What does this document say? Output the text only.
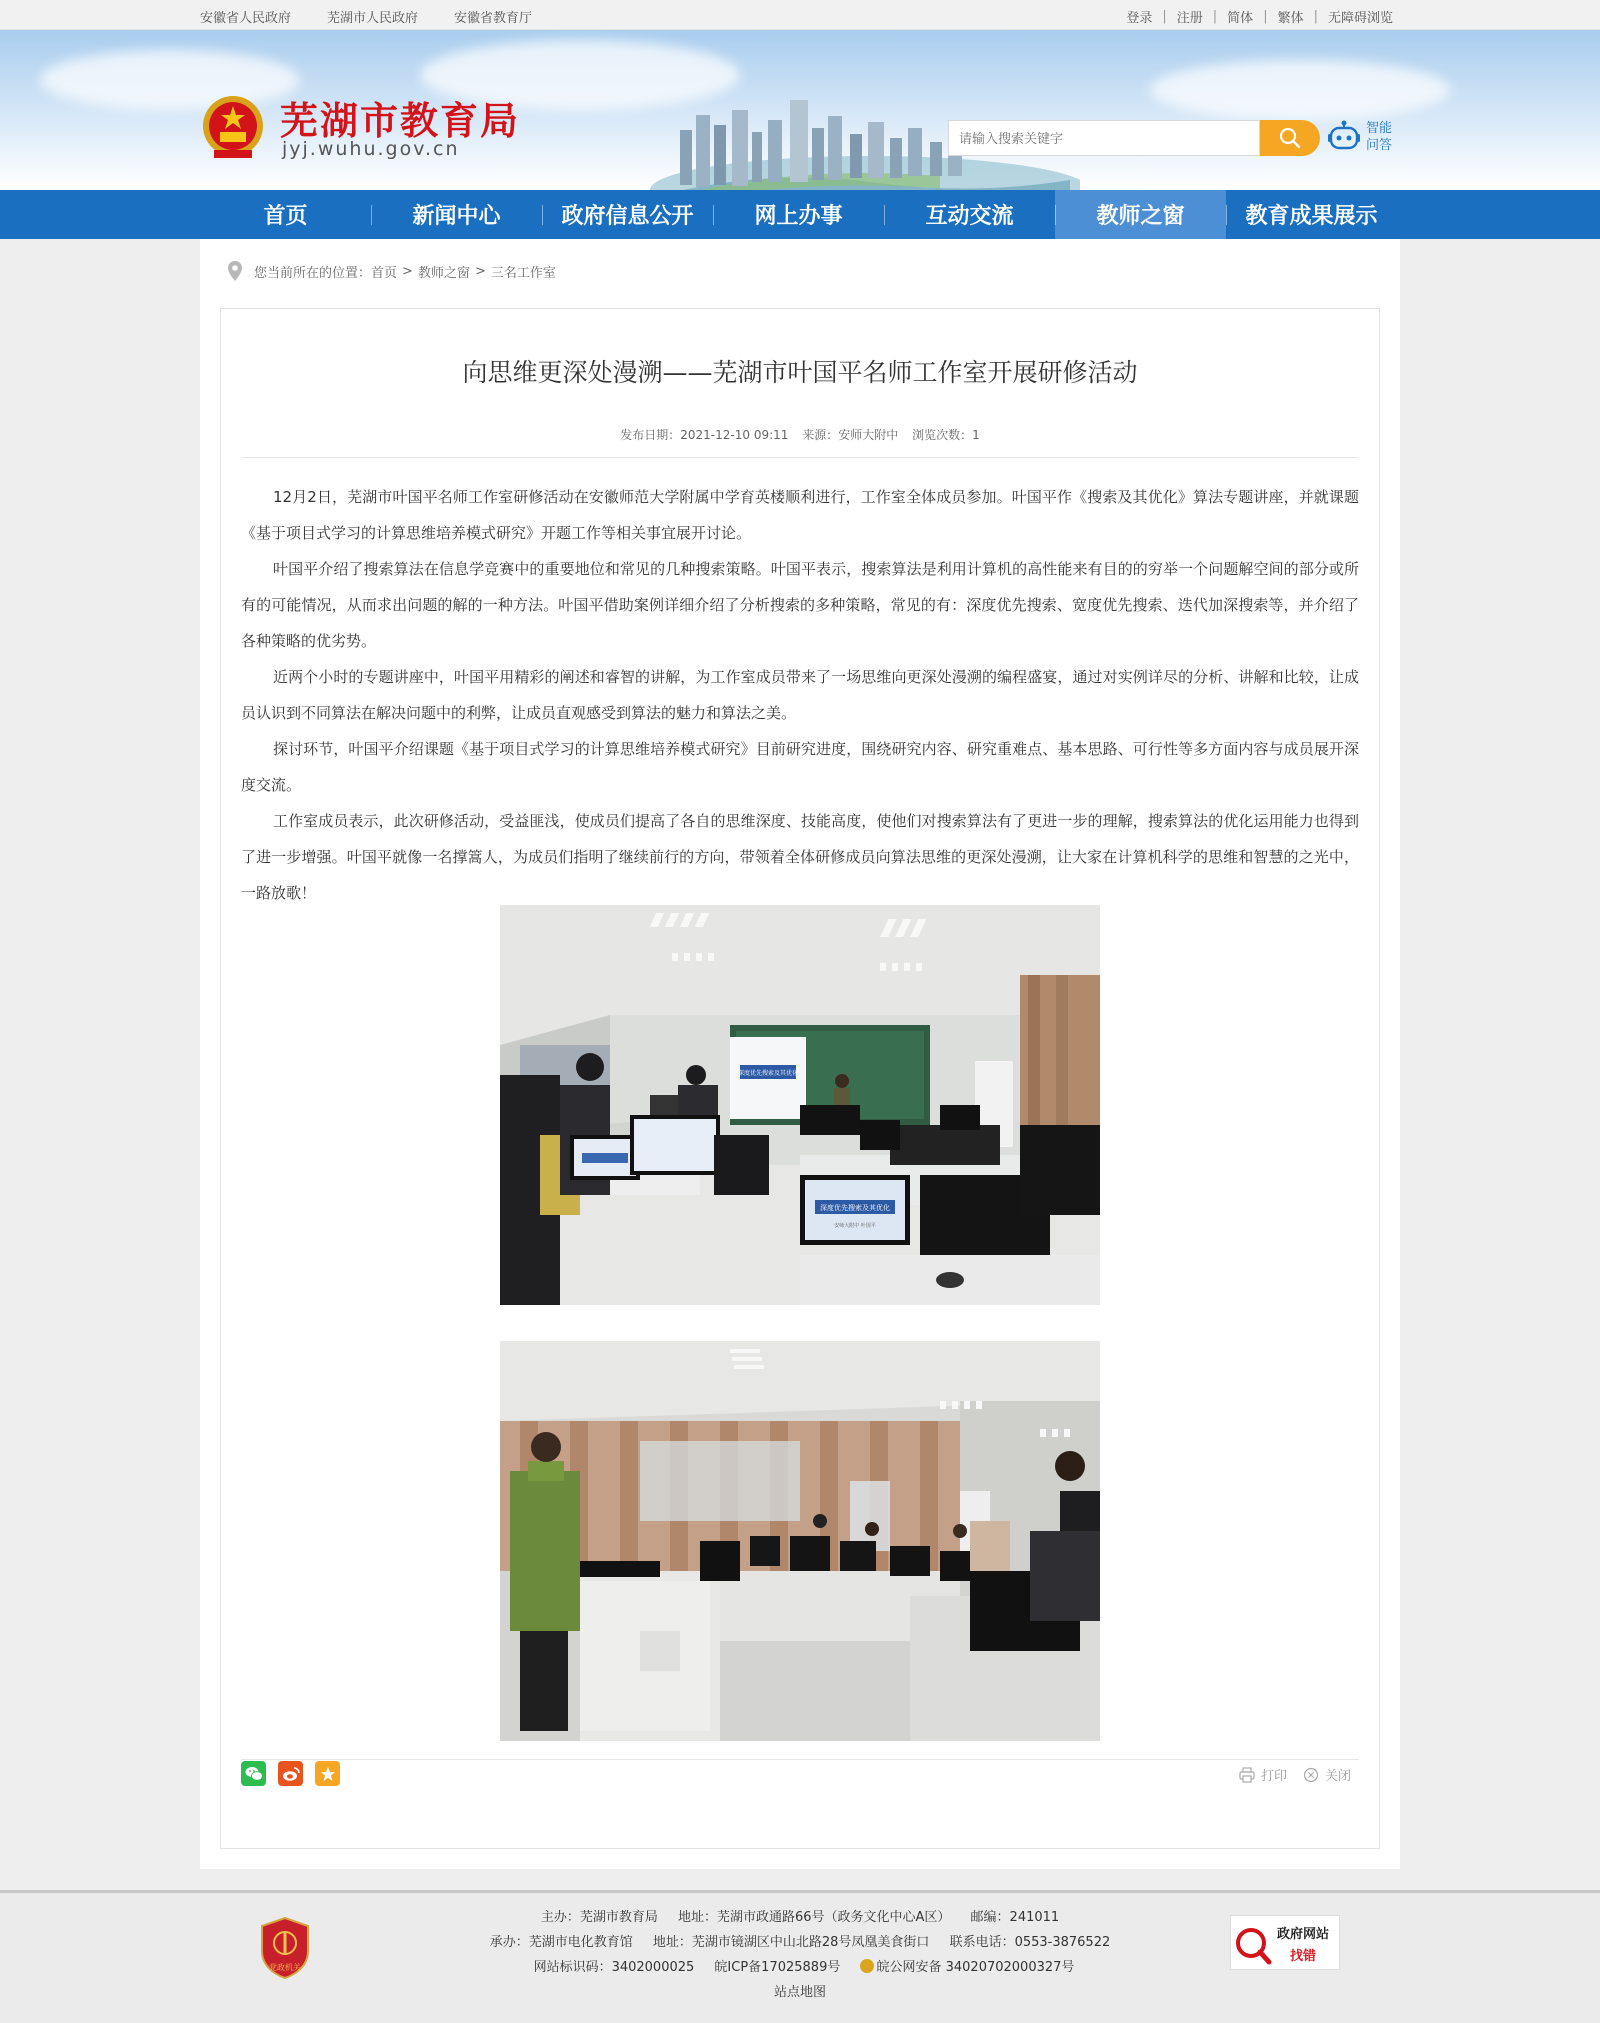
安徽省人民政府	芜湖市人民政府	安徽省教育厅	登录 | 注册 | 简体 | 繁体 | 无障碍浏览
芜湖市教育局
jyj.wuhu.gov.cn
请输入搜索关键字
智能问答
首页	新闻中心	政府信息公开	网上办事	互动交流	教师之窗	教育成果展示
您当前所在的位置： 首页 > 教师之窗 > 三名工作室
向思维更深处漫溯——芜湖市叶国平名师工作室开展研修活动
发布日期：2021-12-10 09:11 来源：安师大附中 浏览次数：1

12月2日，芜湖市叶国平名师工作室研修活动在安徽师范大学附属中学育英楼顺利进行，工作室全体成员参加。叶国平作《搜索及其优化》算法专题讲座，并就课题《基于项目式学习的计算思维培养模式研究》开题工作等相关事宜展开讨论。

叶国平介绍了搜索算法在信息学竞赛中的重要地位和常见的几种搜索策略。叶国平表示，搜索算法是利用计算机的高性能来有目的的穷举一个问题解空间的部分或所有的可能情况，从而求出问题的解的一种方法。叶国平借助案例详细介绍了分析搜索的多种策略，常见的有：深度优先搜索、宽度优先搜索、迭代加深搜索等，并介绍了各种策略的优劣势。

近两个小时的专题讲座中，叶国平用精彩的阐述和睿智的讲解，为工作室成员带来了一场思维向更深处漫溯的编程盛宴，通过对实例详尽的分析、讲解和比较，让成员认识到不同算法在解决问题中的利弊，让成员直观感受到算法的魅力和算法之美。

探讨环节，叶国平介绍课题《基于项目式学习的计算思维培养模式研究》目前研究进度，围绕研究内容、研究重难点、基本思路、可行性等多方面内容与成员展开深度交流。

工作室成员表示，此次研修活动，受益匪浅，使成员们提高了各自的思维深度、技能高度，使他们对搜索算法有了更进一步的理解，搜索算法的优化运用能力也得到了进一步增强。叶国平就像一名撑篙人，为成员们指明了继续前行的方向，带领着全体研修成员向算法思维的更深处漫溯，让大家在计算机科学的思维和智慧的之光中，一路放歌！

深度优先搜索及其优化
.
深度优先搜索及其优化
安师大附中 叶国平
打印	关闭
党政机关
主办：芜湖市教育局 地址：芜湖市政通路66号（政务文化中心A区） 邮编：241011
承办：芜湖市电化教育馆 地址：芜湖市镜湖区中山北路28号凤凰美食街口 联系电话：0553-3876522
网站标识码：3402000025 皖ICP备17025889号	皖公网安备 34020702000327号
站点地图
政府网站
找错
